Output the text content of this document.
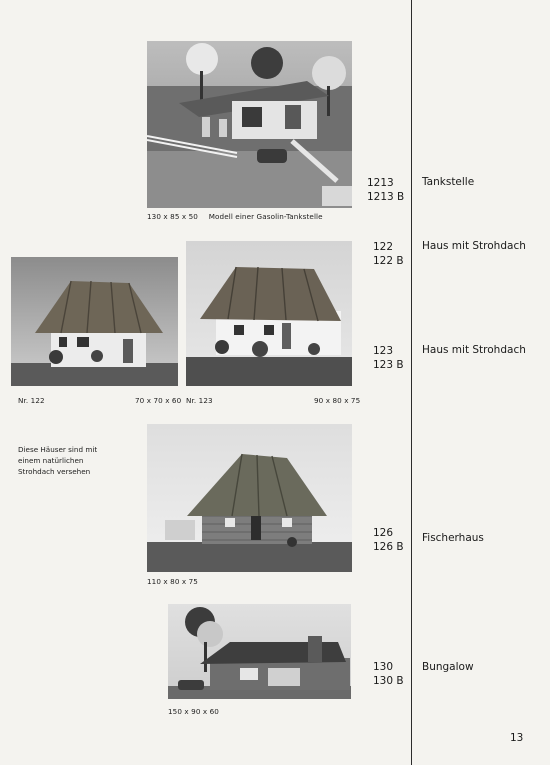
130 x 85 x 50 Modell einer Gasolin-Tankstelle
Nr. 122	70 x 70 x 60 Nr. 123	90 x 80 x 75
Diese Häuser sind mit
einem natürlichen
Strohdach versehen
110 x 80 x 75
150 x 90 x 60
1213
1213 B
Tankstelle
122
122 B
Haus mit Strohdach
123
123 B
Haus mit Strohdach
126
126 B
Fischerhaus
130
130 B
Bungalow
13
